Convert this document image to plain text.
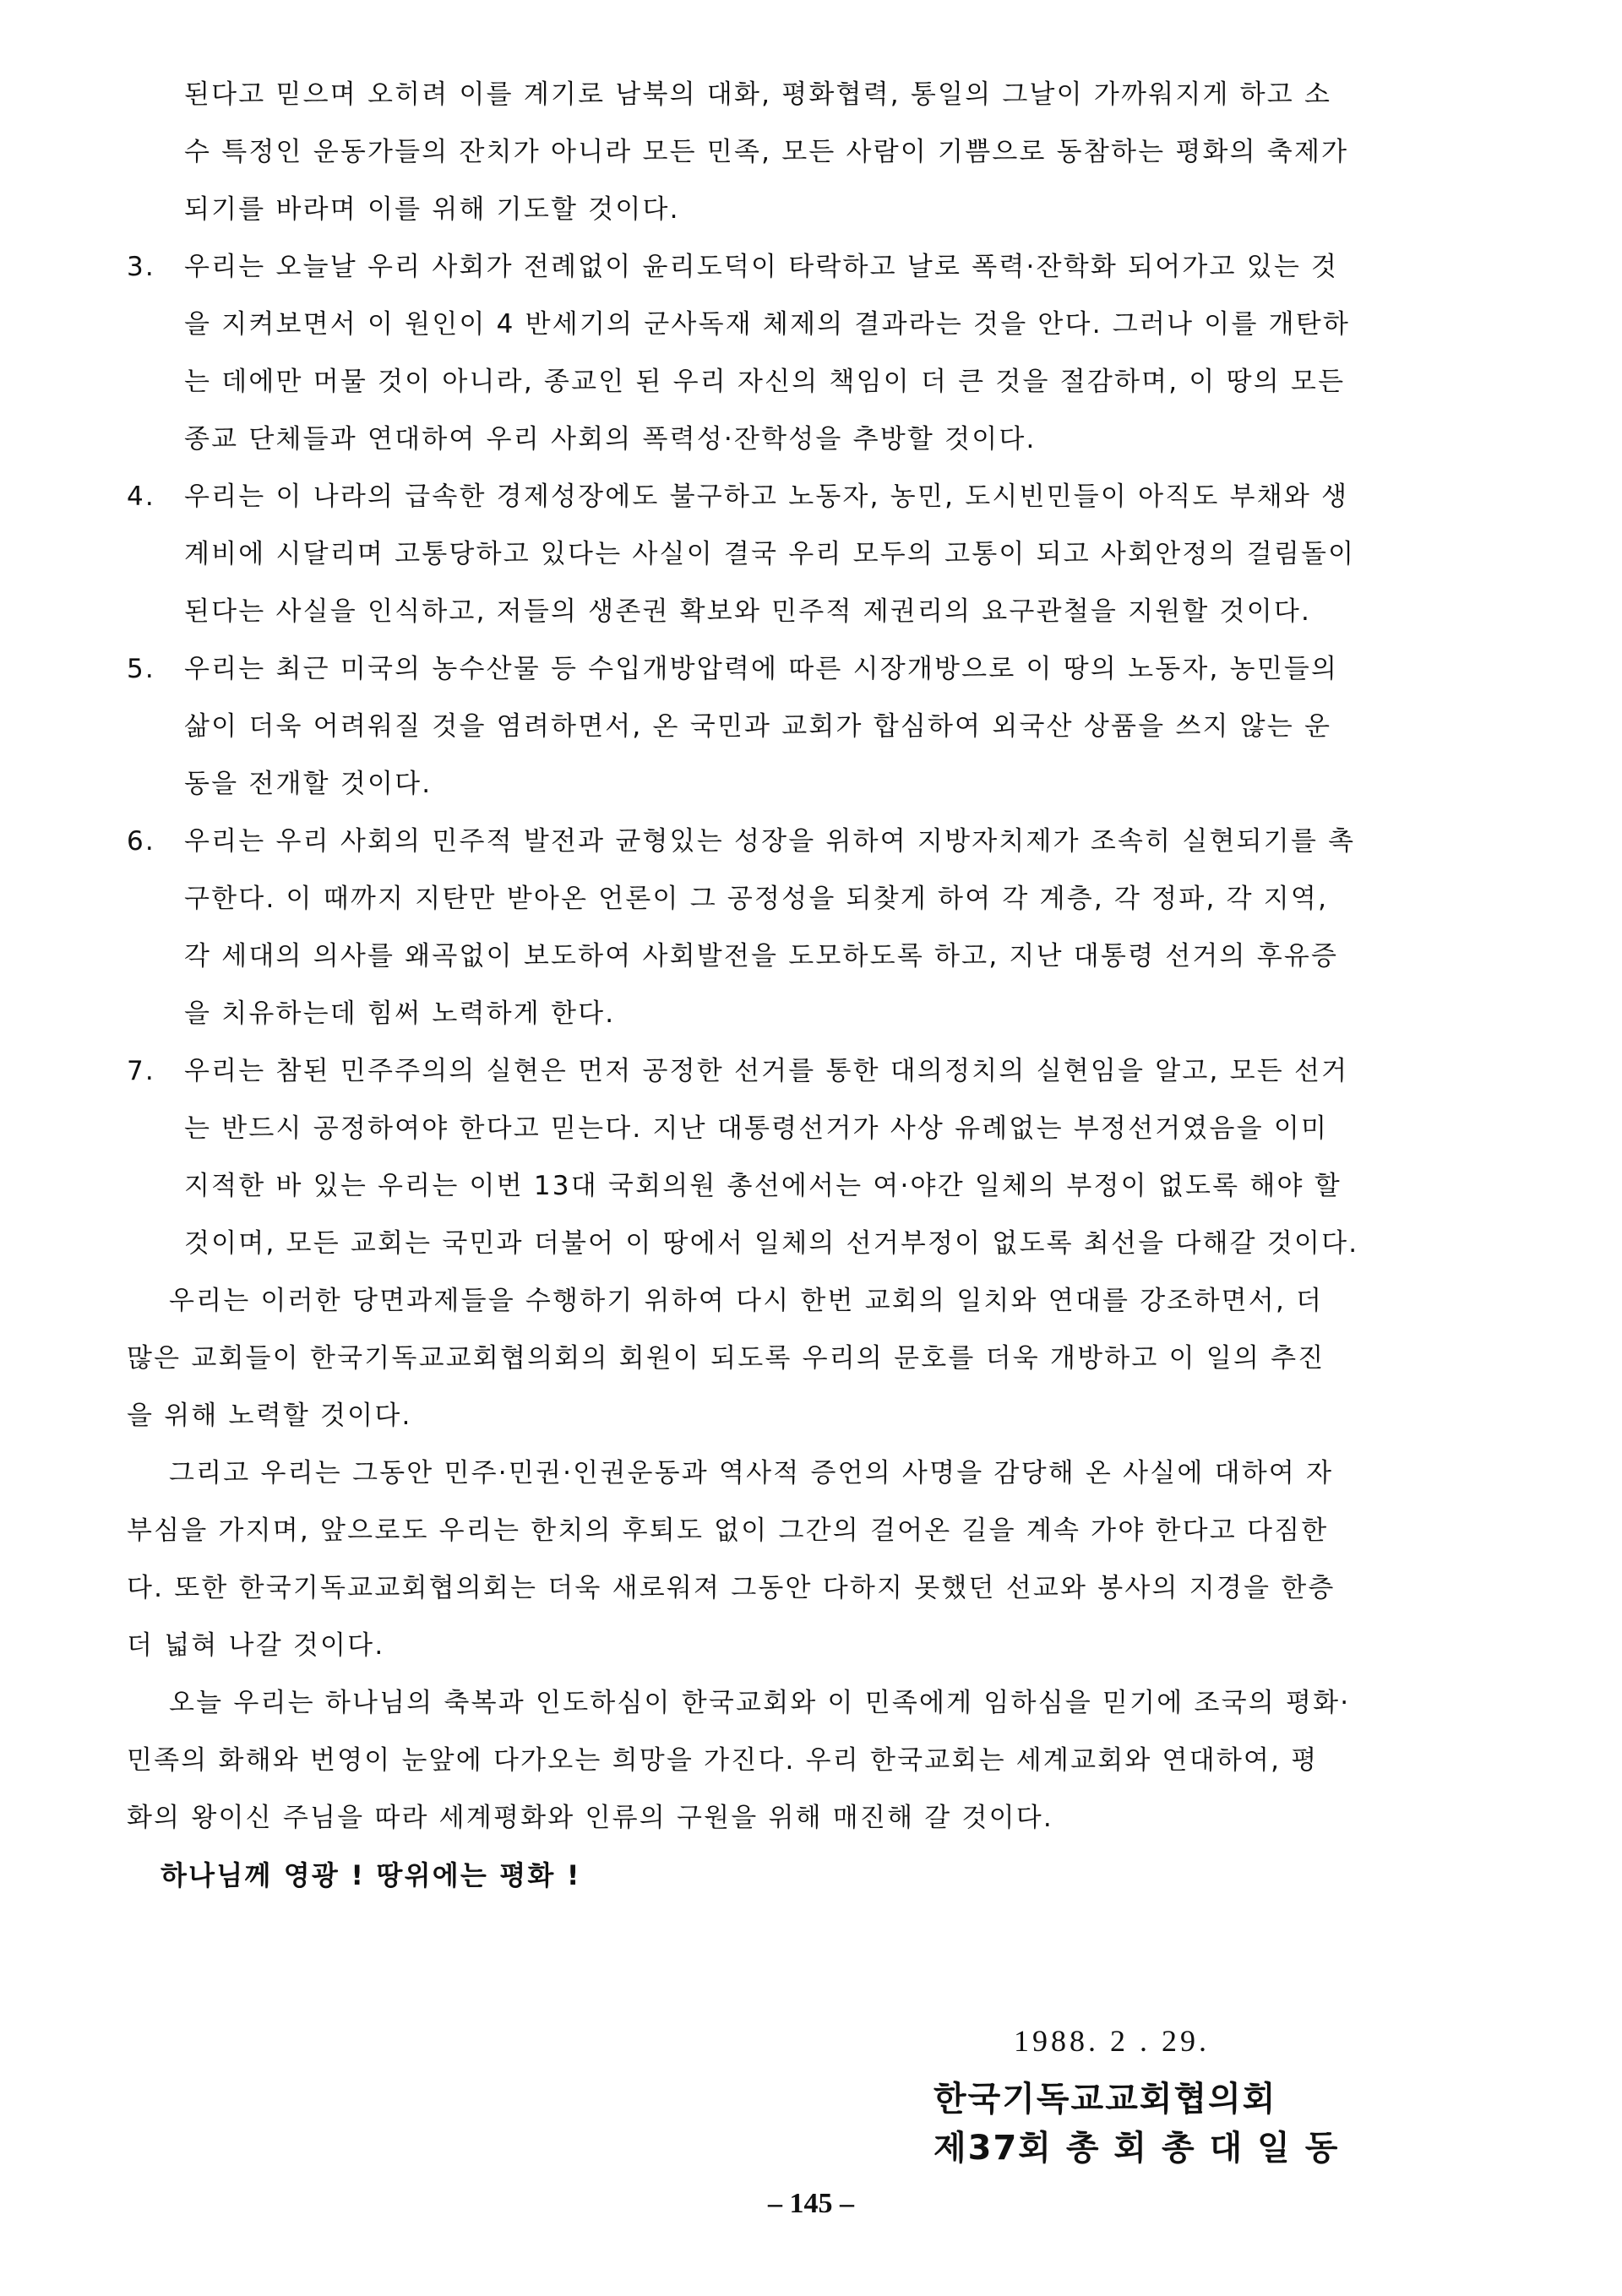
된다고 믿으며 오히려 이를 계기로 남북의 대화, 평화협력, 통일의 그날이 가까워지게 하고 소
수 특정인 운동가들의 잔치가 아니라 모든 민족, 모든 사람이 기쁨으로 동참하는 평화의 축제가
되기를 바라며 이를 위해 기도할 것이다.
3. 우리는 오늘날 우리 사회가 전례없이 윤리도덕이 타락하고 날로 폭력·잔학화 되어가고 있는 것
을 지켜보면서 이 원인이 4 반세기의 군사독재 체제의 결과라는 것을 안다. 그러나 이를 개탄하
는 데에만 머물 것이 아니라, 종교인 된 우리 자신의 책임이 더 큰 것을 절감하며, 이 땅의 모든
종교 단체들과 연대하여 우리 사회의 폭력성·잔학성을 추방할 것이다.
4. 우리는 이 나라의 급속한 경제성장에도 불구하고 노동자, 농민, 도시빈민들이 아직도 부채와 생
계비에 시달리며 고통당하고 있다는 사실이 결국 우리 모두의 고통이 되고 사회안정의 걸림돌이
된다는 사실을 인식하고, 저들의 생존권 확보와 민주적 제권리의 요구관철을 지원할 것이다.
5. 우리는 최근 미국의 농수산물 등 수입개방압력에 따른 시장개방으로 이 땅의 노동자, 농민들의
삶이 더욱 어려워질 것을 염려하면서, 온 국민과 교회가 합심하여 외국산 상품을 쓰지 않는 운
동을 전개할 것이다.
6. 우리는 우리 사회의 민주적 발전과 균형있는 성장을 위하여 지방자치제가 조속히 실현되기를 촉
구한다. 이 때까지 지탄만 받아온 언론이 그 공정성을 되찾게 하여 각 계층, 각 정파, 각 지역,
각 세대의 의사를 왜곡없이 보도하여 사회발전을 도모하도록 하고, 지난 대통령 선거의 후유증
을 치유하는데 힘써 노력하게 한다.
7. 우리는 참된 민주주의의 실현은 먼저 공정한 선거를 통한 대의정치의 실현임을 알고, 모든 선거
는 반드시 공정하여야 한다고 믿는다. 지난 대통령선거가 사상 유례없는 부정선거였음을 이미
지적한 바 있는 우리는 이번 13대 국회의원 총선에서는 여·야간 일체의 부정이 없도록 해야 할
것이며, 모든 교회는 국민과 더불어 이 땅에서 일체의 선거부정이 없도록 최선을 다해갈 것이다.
우리는 이러한 당면과제들을 수행하기 위하여 다시 한번 교회의 일치와 연대를 강조하면서, 더
많은 교회들이 한국기독교교회협의회의 회원이 되도록 우리의 문호를 더욱 개방하고 이 일의 추진
을 위해 노력할 것이다.
그리고 우리는 그동안 민주·민권·인권운동과 역사적 증언의 사명을 감당해 온 사실에 대하여 자
부심을 가지며, 앞으로도 우리는 한치의 후퇴도 없이 그간의 걸어온 길을 계속 가야 한다고 다짐한
다. 또한 한국기독교교회협의회는 더욱 새로워져 그동안 다하지 못했던 선교와 봉사의 지경을 한층
더 넓혀 나갈 것이다.
오늘 우리는 하나님의 축복과 인도하심이 한국교회와 이 민족에게 임하심을 믿기에 조국의 평화·
민족의 화해와 번영이 눈앞에 다가오는 희망을 가진다. 우리 한국교회는 세계교회와 연대하여, 평
화의 왕이신 주님을 따라 세계평화와 인류의 구원을 위해 매진해 갈 것이다.
하나님께 영광 ! 땅위에는 평화 !
1988. 2 . 29.
한국기독교교회협의회
제37회 총 회 총 대 일 동
– 145 –
